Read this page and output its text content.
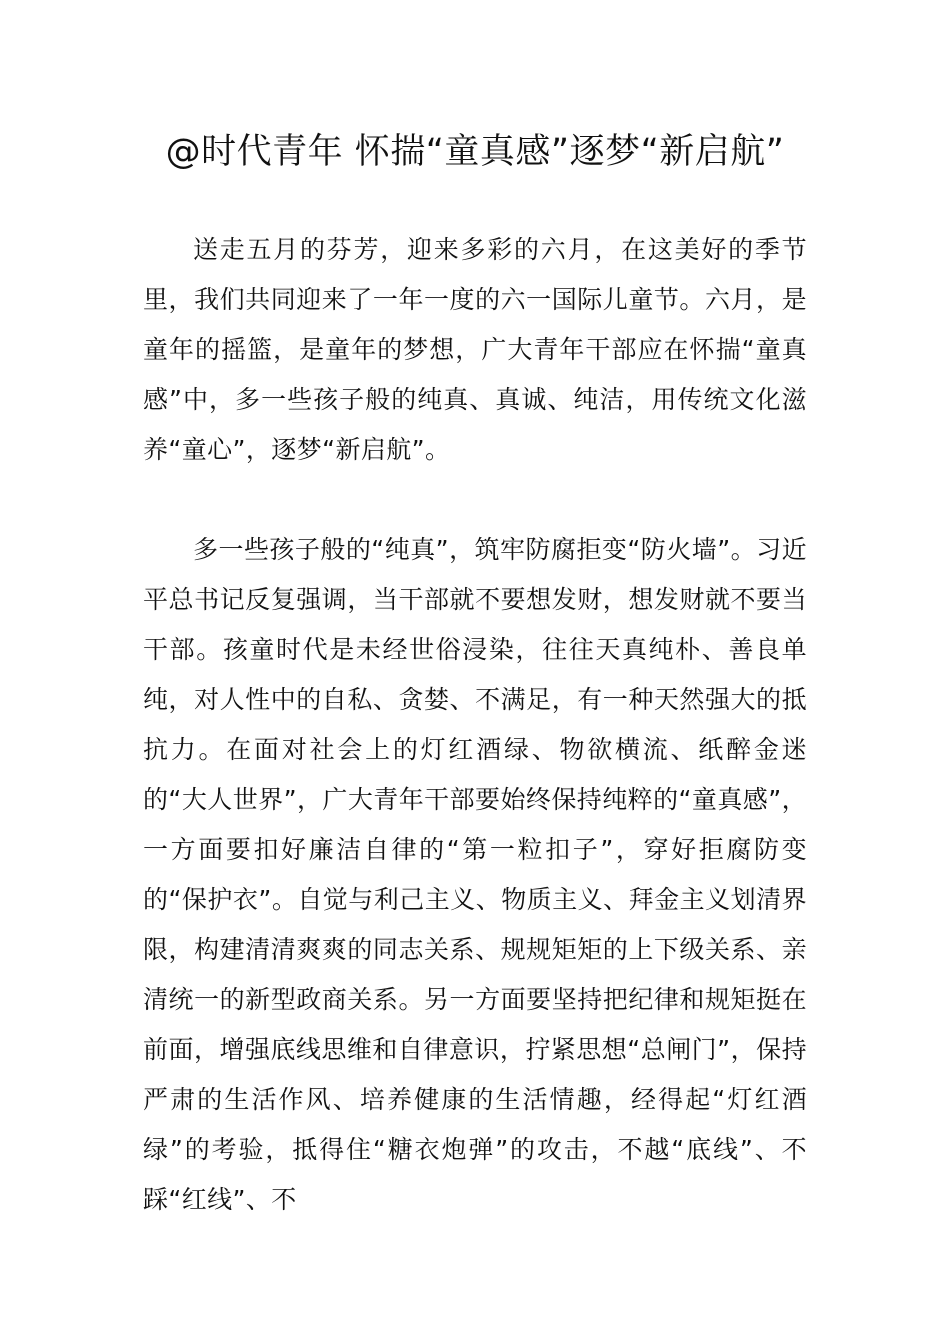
@时代青年 怀揣“童真感”逐梦“新启航”

送走五月的芬芳，迎来多彩的六月，在这美好的季节里，我们共同迎来了一年一度的六一国际儿童节。六月，是童年的摇篮，是童年的梦想，广大青年干部应在怀揣“童真感”中，多一些孩子般的纯真、真诚、纯洁，用传统文化滋养“童心”，逐梦“新启航”。

多一些孩子般的“纯真”，筑牢防腐拒变“防火墙”。习近平总书记反复强调，当干部就不要想发财，想发财就不要当干部。孩童时代是未经世俗浸染，往往天真纯朴、善良单纯，对人性中的自私、贪婪、不满足，有一种天然强大的抵抗力。在面对社会上的灯红酒绿、物欲横流、纸醉金迷的“大人世界”，广大青年干部要始终保持纯粹的“童真感”，一方面要扣好廉洁自律的“第一粒扣子”，穿好拒腐防变的“保护衣”。自觉与利己主义、物质主义、拜金主义划清界限，构建清清爽爽的同志关系、规规矩矩的上下级关系、亲清统一的新型政商关系。另一方面要坚持把纪律和规矩挺在前面，增强底线思维和自律意识，拧紧思想“总闸门”，保持严肃的生活作风、培养健康的生活情趣，经得起“灯红酒绿”的考验，抵得住“糖衣炮弹”的攻击，不越“底线”、不踩“红线”、不
